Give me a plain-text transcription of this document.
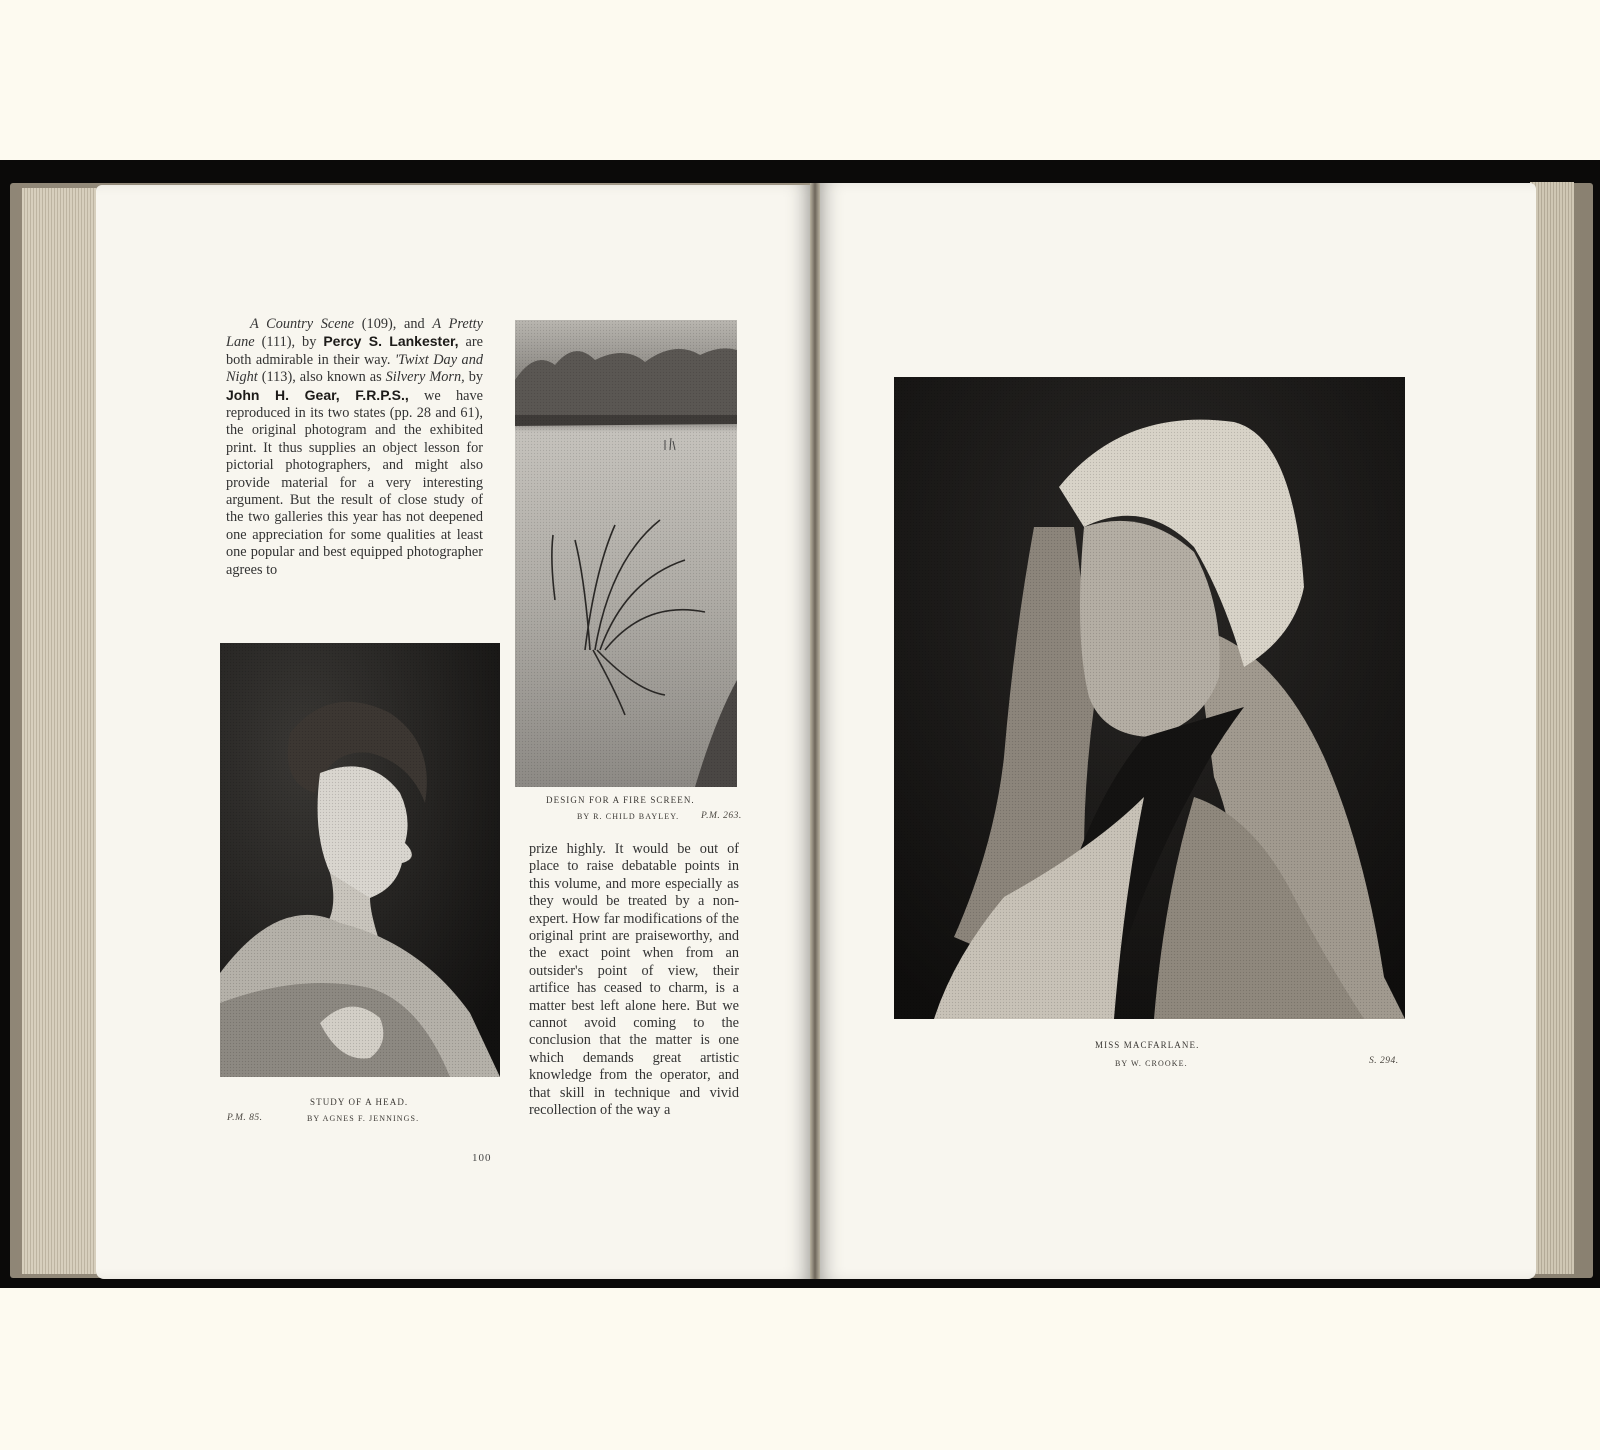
A Country Scene (109), and A Pretty Lane (111), by Percy S. Lankester, are both admirable in their way. 'Twixt Day and Night (113), also known as Silvery Morn, by John H. Gear, F.R.P.S., we have reproduced in its two states (pp. 28 and 61), the original photogram and the exhibited print. It thus supplies an object lesson for pictorial photographers, and might also provide material for a very interesting argument. But the result of close study of the two galleries this year has not deepened one appreciation for some qualities at least one popular and best equipped photographer agrees to

DESIGN FOR A FIRE SCREEN.
BY R. CHILD BAYLEY. P.M. 263.
STUDY OF A HEAD.
P.M. 85.	BY AGNES F. JENNINGS.

prize highly. It would be out of place to raise debatable points in this volume, and more especially as they would be treated by a non-expert. How far modifications of the original print are praiseworthy, and the exact point when from an outsider's point of view, their artifice has ceased to charm, is a matter best left alone here. But we cannot avoid coming to the conclusion that the matter is one which demands great artistic knowledge from the operator, and that skill in technique and vivid recollection of the way a

100
MISS MACFARLANE.
BY W. CROOKE.	S. 294.
